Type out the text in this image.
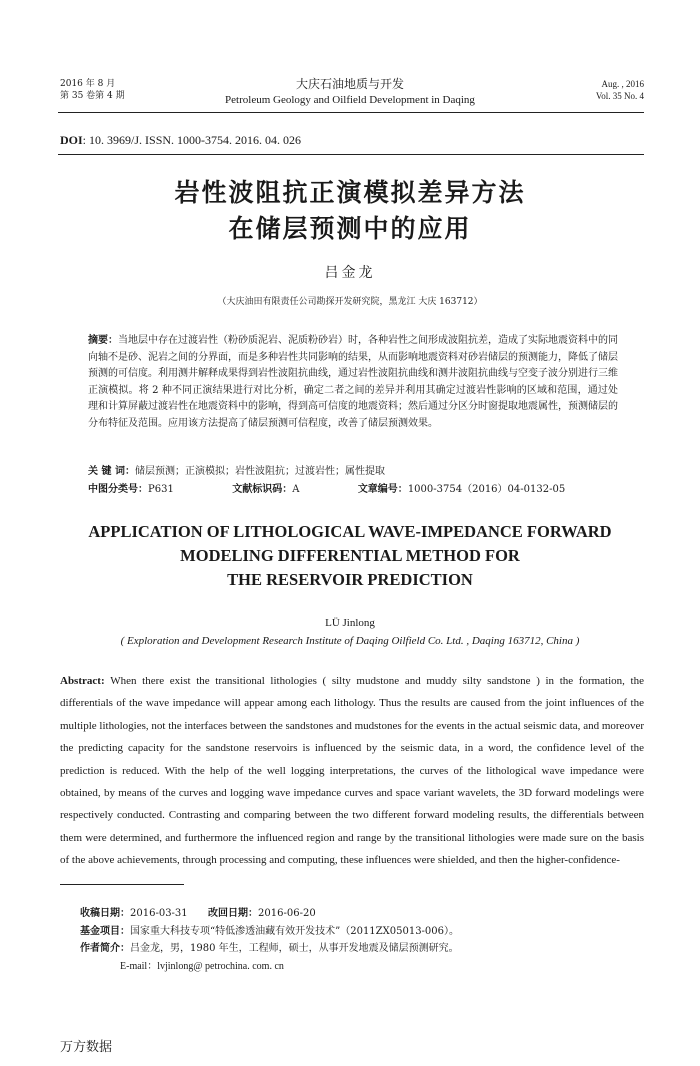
2016 年 8 月
第 35 卷第 4 期
大庆石油地质与开发
Petroleum Geology and Oilfield Development in Daqing
Aug. , 2016
Vol. 35 No. 4
DOI: 10. 3969/J. ISSN. 1000-3754. 2016. 04. 026
岩性波阻抗正演模拟差异方法
在储层预测中的应用
吕金龙
（大庆油田有限责任公司勘探开发研究院，黑龙江 大庆 163712）
摘要：当地层中存在过渡岩性（粉砂质泥岩、泥质粉砂岩）时，各种岩性之间形成波阻抗差，造成了实际地震资料中的同向轴不是砂、泥岩之间的分界面，而是多种岩性共同影响的结果，从而影响地震资料对砂岩储层的预测能力，降低了储层预测的可信度。利用测井解释成果得到岩性波阻抗曲线，通过岩性波阻抗曲线和测井波阻抗曲线与空变子波分别进行三维正演模拟。将 2 种不同正演结果进行对比分析，确定二者之间的差异并利用其确定过渡岩性影响的区域和范围，通过处理和计算屏蔽过渡岩性在地震资料中的影响，得到高可信度的地震资料；然后通过分区分时窗提取地震属性，预测储层的分布特征及范围。应用该方法提高了储层预测可信程度，改善了储层预测效果。
关 键 词：储层预测；正演模拟；岩性波阻抗；过渡岩性；属性提取
中图分类号：P631	文献标识码：A	文章编号：1000-3754（2016）04-0132-05
APPLICATION OF LITHOLOGICAL WAVE-IMPEDANCE FORWARD
MODELING DIFFERENTIAL METHOD FOR
THE RESERVOIR PREDICTION
LÜ Jinlong
( Exploration and Development Research Institute of Daqing Oilfield Co. Ltd. , Daqing 163712, China )
Abstract: When there exist the transitional lithologies ( silty mudstone and muddy silty sandstone ) in the formation, the differentials of the wave impedance will appear among each lithology. Thus the results are caused from the joint influences of the multiple lithologies, not the interfaces between the sandstones and mudstones for the events in the actual seismic data, and moreover the predicting capacity for the sandstone reservoirs is influenced by the seismic data, in a word, the confidence level of the prediction is reduced. With the help of the well logging interpretations, the curves of the lithological wave impedance were obtained, by means of the curves and logging wave impedance curves and space variant wavelets, the 3D forward modelings were respectively conducted. Contrasting and comparing between the two different forward modeling results, the differentials between them were determined, and furthermore the influenced region and range by the transitional lithologies were made sure on the basis of the above achievements, through processing and computing, these influences were shielded, and then the higher-confidence-
收稿日期：2016-03-31 改回日期：2016-06-20
基金项目：国家重大科技专项“特低渗透油藏有效开发技术”（2011ZX05013-006）。
作者简介：吕金龙，男，1980 年生，工程师，硕士，从事开发地震及储层预测研究。
E-mail：lvjinlong@ petrochina. com. cn
万方数据
